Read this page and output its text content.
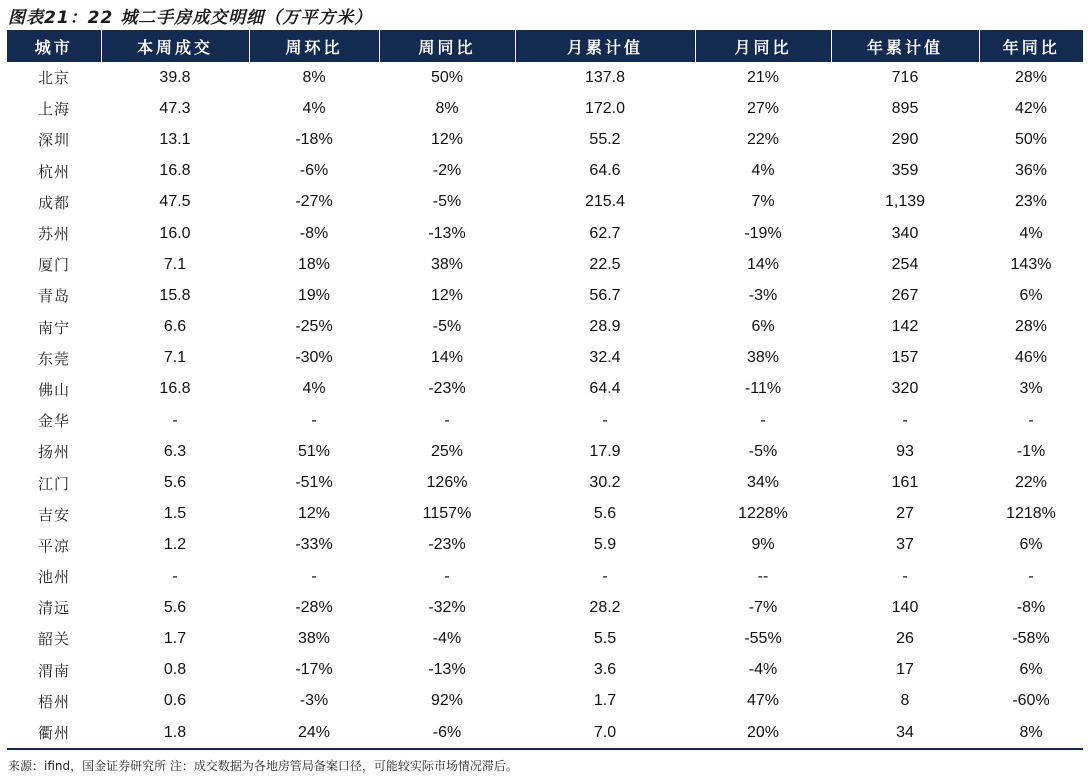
图表21：22 城二手房成交明细（万平方米）
城市	本周成交	周环比	周同比	月累计值	月同比	年累计值	年同比
北京	39.8	8%	50%	137.8	21%	716	28%
上海	47.3	4%	8%	172.0	27%	895	42%
深圳	13.1	-18%	12%	55.2	22%	290	50%
杭州	16.8	-6%	-2%	64.6	4%	359	36%
成都	47.5	-27%	-5%	215.4	7%	1,139	23%
苏州	16.0	-8%	-13%	62.7	-19%	340	4%
厦门	7.1	18%	38%	22.5	14%	254	143%
青岛	15.8	19%	12%	56.7	-3%	267	6%
南宁	6.6	-25%	-5%	28.9	6%	142	28%
东莞	7.1	-30%	14%	32.4	38%	157	46%
佛山	16.8	4%	-23%	64.4	-11%	320	3%
金华	-	-	-	-	-	-	-
扬州	6.3	51%	25%	17.9	-5%	93	-1%
江门	5.6	-51%	126%	30.2	34%	161	22%
吉安	1.5	12%	1157%	5.6	1228%	27	1218%
平凉	1.2	-33%	-23%	5.9	9%	37	6%
池州	-	-	-	-	--	-	-
清远	5.6	-28%	-32%	28.2	-7%	140	-8%
韶关	1.7	38%	-4%	5.5	-55%	26	-58%
渭南	0.8	-17%	-13%	3.6	-4%	17	6%
梧州	0.6	-3%	92%	1.7	47%	8	-60%
衢州	1.8	24%	-6%	7.0	20%	34	8%
来源：ifind，国金证券研究所 注：成交数据为各地房管局备案口径，可能较实际市场情况滞后。
